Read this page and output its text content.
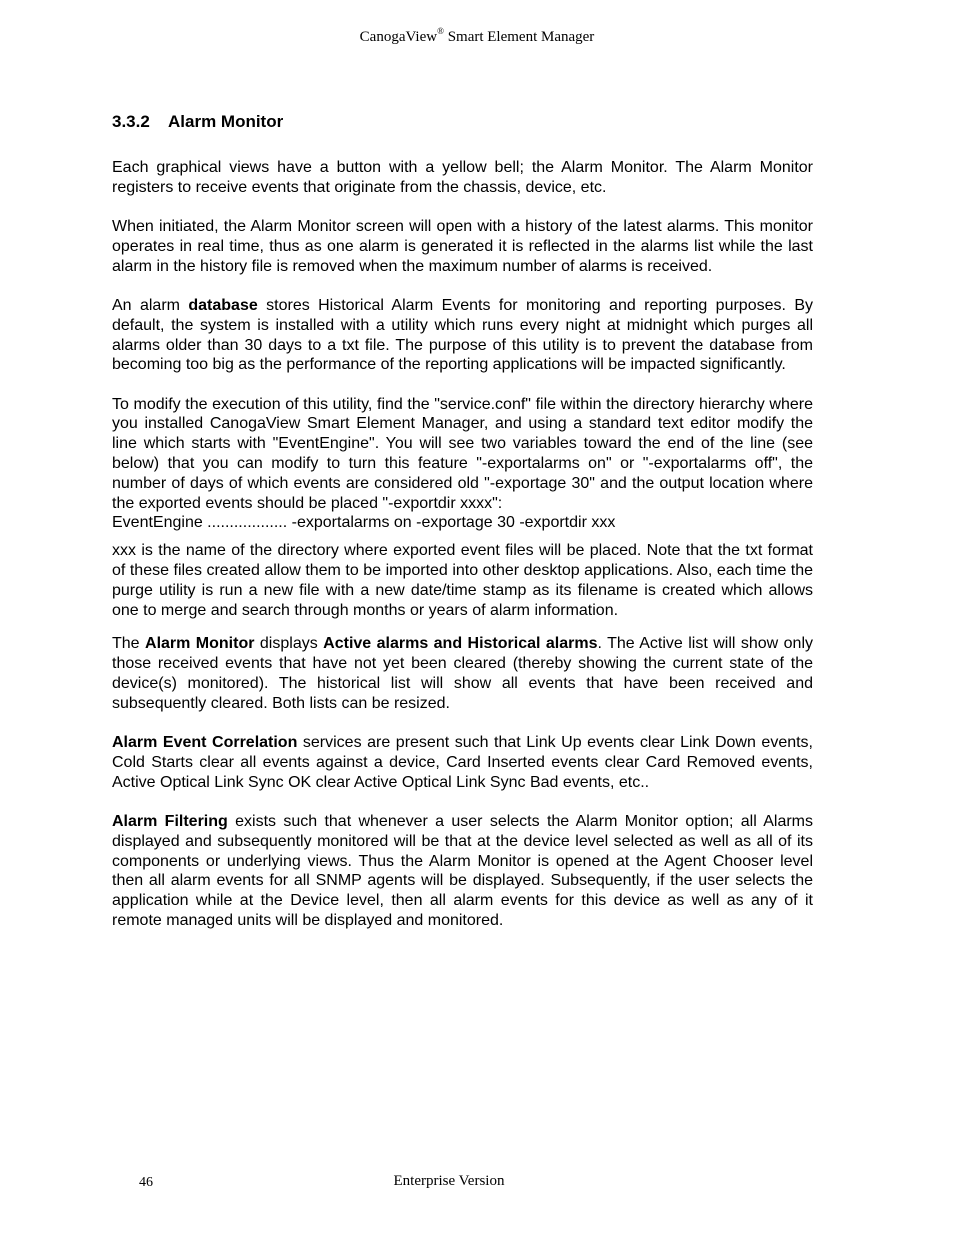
CanogaView® Smart Element Manager
3.3.2 Alarm Monitor

Each graphical views have a button with a yellow bell; the Alarm Monitor. The Alarm Monitor registers to receive events that originate from the chassis, device, etc.

When initiated, the Alarm Monitor screen will open with a history of the latest alarms. This monitor operates in real time, thus as one alarm is generated it is reflected in the alarms list while the last alarm in the history file is removed when the maximum number of alarms is received.

An alarm database stores Historical Alarm Events for monitoring and reporting purposes. By default, the system is installed with a utility which runs every night at midnight which purges all alarms older than 30 days to a txt file. The purpose of this utility is to prevent the database from becoming too big as the performance of the reporting applications will be impacted significantly.

To modify the execution of this utility, find the "service.conf" file within the directory hierarchy where you installed CanogaView Smart Element Manager, and using a standard text editor modify the line which starts with "EventEngine". You will see two variables toward the end of the line (see below) that you can modify to turn this feature "-exportalarms on" or "-exportalarms off", the number of days of which events are considered old "-exportage 30" and the output location where the exported events should be placed "-exportdir xxxx":

EventEngine .................. -exportalarms on -exportage 30 -exportdir xxx

xxx is the name of the directory where exported event files will be placed. Note that the txt format of these files created allow them to be imported into other desktop applications. Also, each time the purge utility is run a new file with a new date/time stamp as its filename is created which allows one to merge and search through months or years of alarm information.

The Alarm Monitor displays Active alarms and Historical alarms. The Active list will show only those received events that have not yet been cleared (thereby showing the current state of the device(s) monitored). The historical list will show all events that have been received and subsequently cleared. Both lists can be resized.

Alarm Event Correlation services are present such that Link Up events clear Link Down events, Cold Starts clear all events against a device, Card Inserted events clear Card Removed events, Active Optical Link Sync OK clear Active Optical Link Sync Bad events, etc..

Alarm Filtering exists such that whenever a user selects the Alarm Monitor option; all Alarms displayed and subsequently monitored will be that at the device level selected as well as all of its components or underlying views. Thus the Alarm Monitor is opened at the Agent Chooser level then all alarm events for all SNMP agents will be displayed. Subsequently, if the user selects the application while at the Device level, then all alarm events for this device as well as any of it remote managed units will be displayed and monitored.

46	Enterprise Version
